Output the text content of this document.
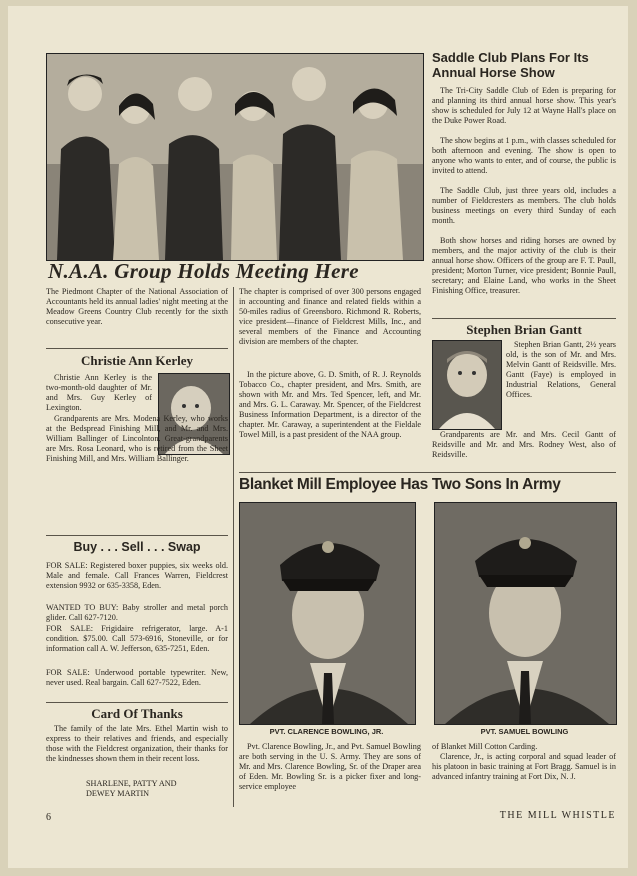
N.A.A. Group Holds Meeting Here
The Piedmont Chapter of the National Association of Accountants held its annual ladies' night meeting at the Meadow Greens Country Club recently for the sixth consecutive year.
The chapter is comprised of over 300 persons engaged in accounting and finance and related fields within a 50-miles radius of Greensboro. Richmond R. Roberts, vice president—finance of Fieldcrest Mills, Inc., and several members of the Finance and Accounting division are members of the chapter.
In the picture above, G. D. Smith, of R. J. Reynolds Tobacco Co., chapter president, and Mrs. Smith, are shown with Mr. and Mrs. Ted Spencer, left, and Mr. and Mrs. G. L. Caraway. Mr. Spencer, of the Fieldcrest Business Information Department, is a director of the chapter. Mr. Caraway, a superintendent at the Fieldale Towel Mill, is a past president of the NAA group.
Saddle Club Plans For Its Annual Horse Show
The Tri-City Saddle Club of Eden is preparing for and planning its third annual horse show. This year's show is scheduled for July 12 at Wayne Hall's place on the Duke Power Road.
The show begins at 1 p.m., with classes scheduled for both afternoon and evening. The show is open to anyone who wants to enter, and of course, the public is invited to attend.
The Saddle Club, just three years old, includes a number of Fieldcresters as members. The club holds business meetings on every third Sunday of each month.
Both show horses and riding horses are owned by members, and the major activity of the club is their annual horse show. Officers of the group are F. T. Paull, president; Morton Turner, vice president; Bonnie Paull, secretary; and Elaine Land, who works in the Sheet Finishing Office, treasurer.
Christie Ann Kerley
Christie Ann Kerley is the two-month-old daughter of Mr. and Mrs. Guy Kerley of Lexington.
Grandparents are Mrs. Modena Kerley, who works at the Bedspread Finishing Mill, and Mr. and Mrs. William Ballinger of Lincolnton. Great-grandparents are Mrs. Rosa Leonard, who is retired from the Sheet Finishing Mill, and Mrs. William Ballinger.
Stephen Brian Gantt
Stephen Brian Gantt, 2½ years old, is the son of Mr. and Mrs. Melvin Gantt of Reidsville. Mrs. Gantt (Faye) is employed in Industrial Relations, General Offices.
Grandparents are Mr. and Mrs. Cecil Gantt of Reidsville and Mr. and Mrs. Rodney West, also of Reidsville.
Buy . . . Sell . . . Swap
FOR SALE: Registered boxer puppies, six weeks old. Male and female. Call Frances Warren, Fieldcrest extension 9932 or 635-3358, Eden.
WANTED TO BUY: Baby stroller and metal porch glider. Call 627-7120.
FOR SALE: Frigidaire refrigerator, large. A-1 condition. $75.00. Call 573-6916, Stoneville, or for information call A. W. Jefferson, 635-7251, Eden.
FOR SALE: Underwood portable typewriter. New, never used. Real bargain. Call 627-7522, Eden.
Card Of Thanks
The family of the late Mrs. Ethel Martin wish to express to their relatives and friends, and especially those with the Fieldcrest organization, their thanks for the kindnesses shown them in their recent loss.
SHARLENE, PATTY AND
DEWEY MARTIN
Blanket Mill Employee Has Two Sons In Army
PVT. CLARENCE BOWLING, JR.	PVT. SAMUEL BOWLING
Pvt. Clarence Bowling, Jr., and Pvt. Samuel Bowling are both serving in the U. S. Army. They are sons of Mr. and Mrs. Clarence Bowling, Sr. of the Draper area of Eden. Mr. Bowling Sr. is a picker fixer and long-service employee
of Blanket Mill Cotton Carding.
Clarence, Jr., is acting corporal and squad leader of his platoon in basic training at Fort Bragg. Samuel is in advanced infantry training at Fort Dix, N. J.
6	THE MILL WHISTLE
